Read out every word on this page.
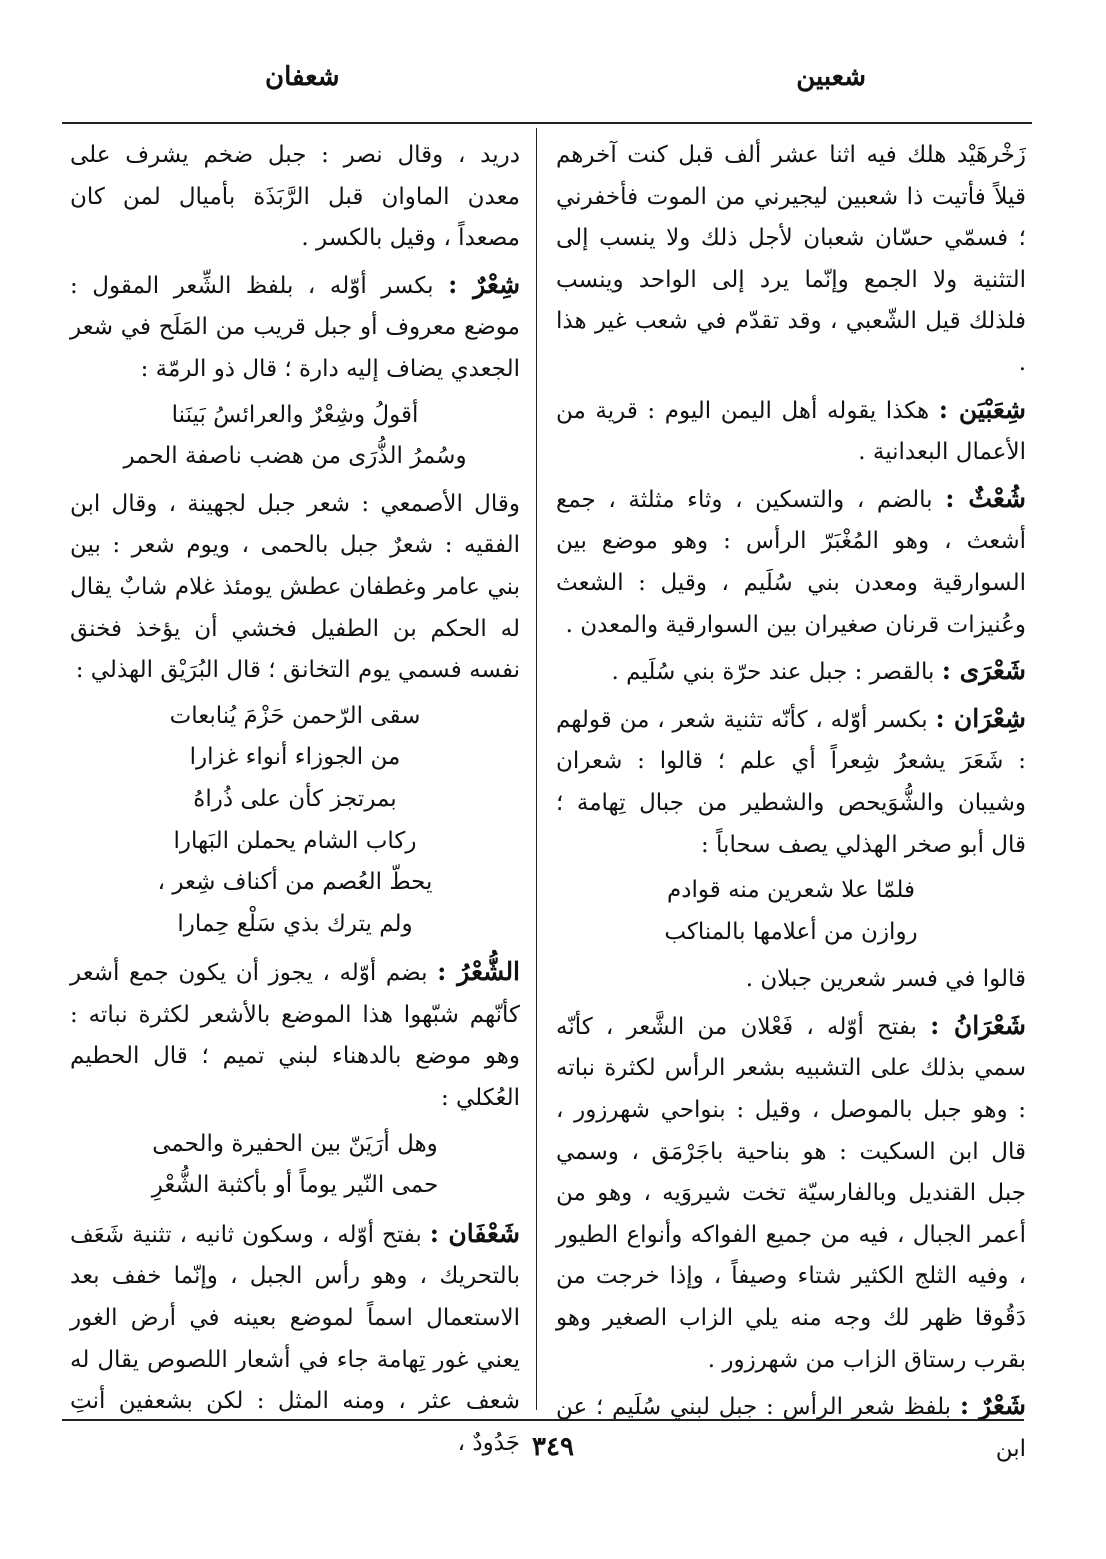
شعبين
شعفان

زَخْرهَيْد هلك فيه اثنا عشر ألف قبل كنت آخرهم قيلاً فأتيت ذا شعبين ليجيرني من الموت فأخفرني ؛ فسمّي حسّان شعبان لأجل ذلك ولا ينسب إلى التثنية ولا الجمع وإنّما يرد إلى الواحد وينسب فلذلك قيل الشّعبي ، وقد تقدّم في شعب غير هذا .

شِعَبْيَن : هكذا يقوله أهل اليمن اليوم : قرية من الأعمال البعدانية .

شُعْثٌ : بالضم ، والتسكين ، وثاء مثلثة ، جمع أشعث ، وهو المُغْبَرّ الرأس : وهو موضع بين السوارقية ومعدن بني سُلَيم ، وقيل : الشعث وعُنيزات قرنان صغيران بين السوارقية والمعدن .

شَعْرَى : بالقصر : جبل عند حرّة بني سُلَيم .

شِعْرَان : بكسر أوّله ، كأنّه تثنية شعر ، من قولهم : شَعَرَ يشعرُ شِعراً أي علم ؛ قالوا : شعران وشيبان والشُّوَيحص والشطير من جبال تِهامة ؛ قال أبو صخر الهذلي يصف سحاباً :

فلمّا علا شعرين منه قوادم
روازن من أعلامها بالمناكب

قالوا في فسر شعرين جبلان .

شَعْرَانُ : بفتح أوّله ، فَعْلان من الشَّعر ، كأنّه سمي بذلك على التشبيه بشعر الرأس لكثرة نباته : وهو جبل بالموصل ، وقيل : بنواحي شهرزور ، قال ابن السكيت : هو بناحية باجَرْمَق ، وسمي جبل القنديل وبالفارسيّة تخت شيروَيه ، وهو من أعمر الجبال ، فيه من جميع الفواكه وأنواع الطيور ، وفيه الثلج الكثير شتاء وصيفاً ، وإذا خرجت من دَقُوقا ظهر لك وجه منه يلي الزاب الصغير وهو بقرب رستاق الزاب من شهرزور .

شَعْرٌ : بلفظ شعر الرأس : جبل لبني سُلَيم ؛ عن ابن

دريد ، وقال نصر : جبل ضخم يشرف على معدن الماوان قبل الرَّبَذَة بأميال لمن كان مصعداً ، وقيل بالكسر .

شِعْرٌ : بكسر أوّله ، بلفظ الشِّعر المقول : موضع معروف أو جبل قريب من المَلَح في شعر الجعدي يضاف إليه دارة ؛ قال ذو الرمّة :

أقولُ وشِعْرٌ والعرائسُ بَينَنا
وسُمرُ الذُّرَى من هضب ناصفة الحمر

وقال الأصمعي : شعر جبل لجهينة ، وقال ابن الفقيه : شعرٌ جبل بالحمى ، ويوم شعر : بين بني عامر وغطفان عطش يومئذ غلام شابٌ يقال له الحكم بن الطفيل فخشي أن يؤخذ فخنق نفسه فسمي يوم التخانق ؛ قال البُرَيْق الهذلي :

سقى الرّحمن حَزْمَ يُنابعات
من الجوزاء أنواء غزارا
بمرتجز كأن على ذُراهُ
ركاب الشام يحملن البَهارا
يحطّ العُصم من أكناف شِعر ،
ولم يترك بذي سَلْع حِمارا

الشُّعْرُ : بضم أوّله ، يجوز أن يكون جمع أشعر كأنّهم شبّهوا هذا الموضع بالأشعر لكثرة نباته : وهو موضع بالدهناء لبني تميم ؛ قال الحطيم العُكلي :

وهل أرَيَنّ بين الحفيرة والحمى
حمى النّير يوماً أو بأكثبة الشُّعْرِ

شَعْفَان : بفتح أوّله ، وسكون ثانيه ، تثنية شَعَف بالتحريك ، وهو رأس الجبل ، وإنّما خفف بعد الاستعمال اسماً لموضع بعينه في أرض الغور يعني غور تِهامة جاء في أشعار اللصوص يقال له شعف عثر ، ومنه المثل : لكن بشعفين أنتِ جَدُودٌ ، ٣٤٩
